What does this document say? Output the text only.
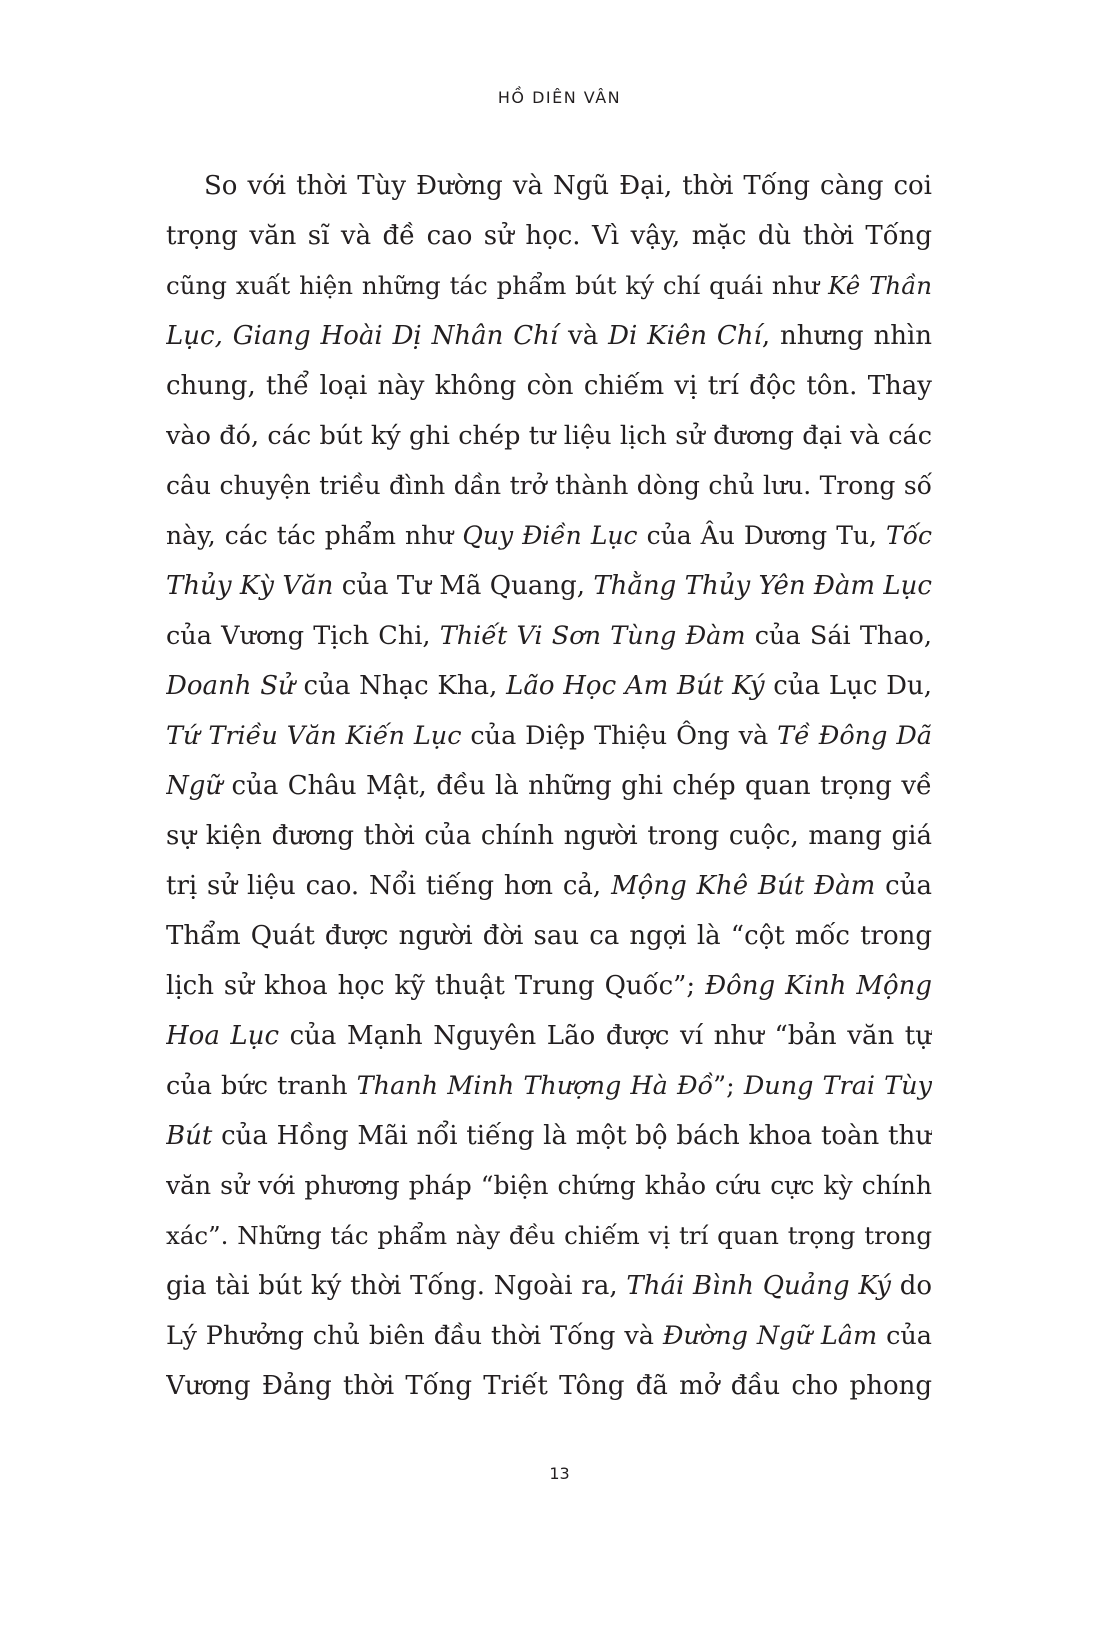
HỒ DIÊN VÂN
So với thời Tùy Đường và Ngũ Đại, thời Tống càng coi
trọng văn sĩ và đề cao sử học. Vì vậy, mặc dù thời Tống
cũng xuất hiện những tác phẩm bút ký chí quái như Kê Thần
Lục, Giang Hoài Dị Nhân Chí và Di Kiên Chí, nhưng nhìn
chung, thể loại này không còn chiếm vị trí độc tôn. Thay
vào đó, các bút ký ghi chép tư liệu lịch sử đương đại và các
câu chuyện triều đình dần trở thành dòng chủ lưu. Trong số
này, các tác phẩm như Quy Điền Lục của Âu Dương Tu, Tốc
Thủy Kỳ Văn của Tư Mã Quang, Thằng Thủy Yên Đàm Lục
của Vương Tịch Chi, Thiết Vi Sơn Tùng Đàm của Sái Thao,
Doanh Sử của Nhạc Kha, Lão Học Am Bút Ký của Lục Du,
Tứ Triều Văn Kiến Lục của Diệp Thiệu Ông và Tề Đông Dã
Ngữ của Châu Mật, đều là những ghi chép quan trọng về
sự kiện đương thời của chính người trong cuộc, mang giá
trị sử liệu cao. Nổi tiếng hơn cả, Mộng Khê Bút Đàm của
Thẩm Quát được người đời sau ca ngợi là “cột mốc trong
lịch sử khoa học kỹ thuật Trung Quốc”; Đông Kinh Mộng
Hoa Lục của Mạnh Nguyên Lão được ví như “bản văn tự
của bức tranh Thanh Minh Thượng Hà Đồ”; Dung Trai Tùy
Bút của Hồng Mãi nổi tiếng là một bộ bách khoa toàn thư
văn sử với phương pháp “biện chứng khảo cứu cực kỳ chính
xác”. Những tác phẩm này đều chiếm vị trí quan trọng trong
gia tài bút ký thời Tống. Ngoài ra, Thái Bình Quảng Ký do
Lý Phưởng chủ biên đầu thời Tống và Đường Ngữ Lâm của
Vương Đảng thời Tống Triết Tông đã mở đầu cho phong
13
